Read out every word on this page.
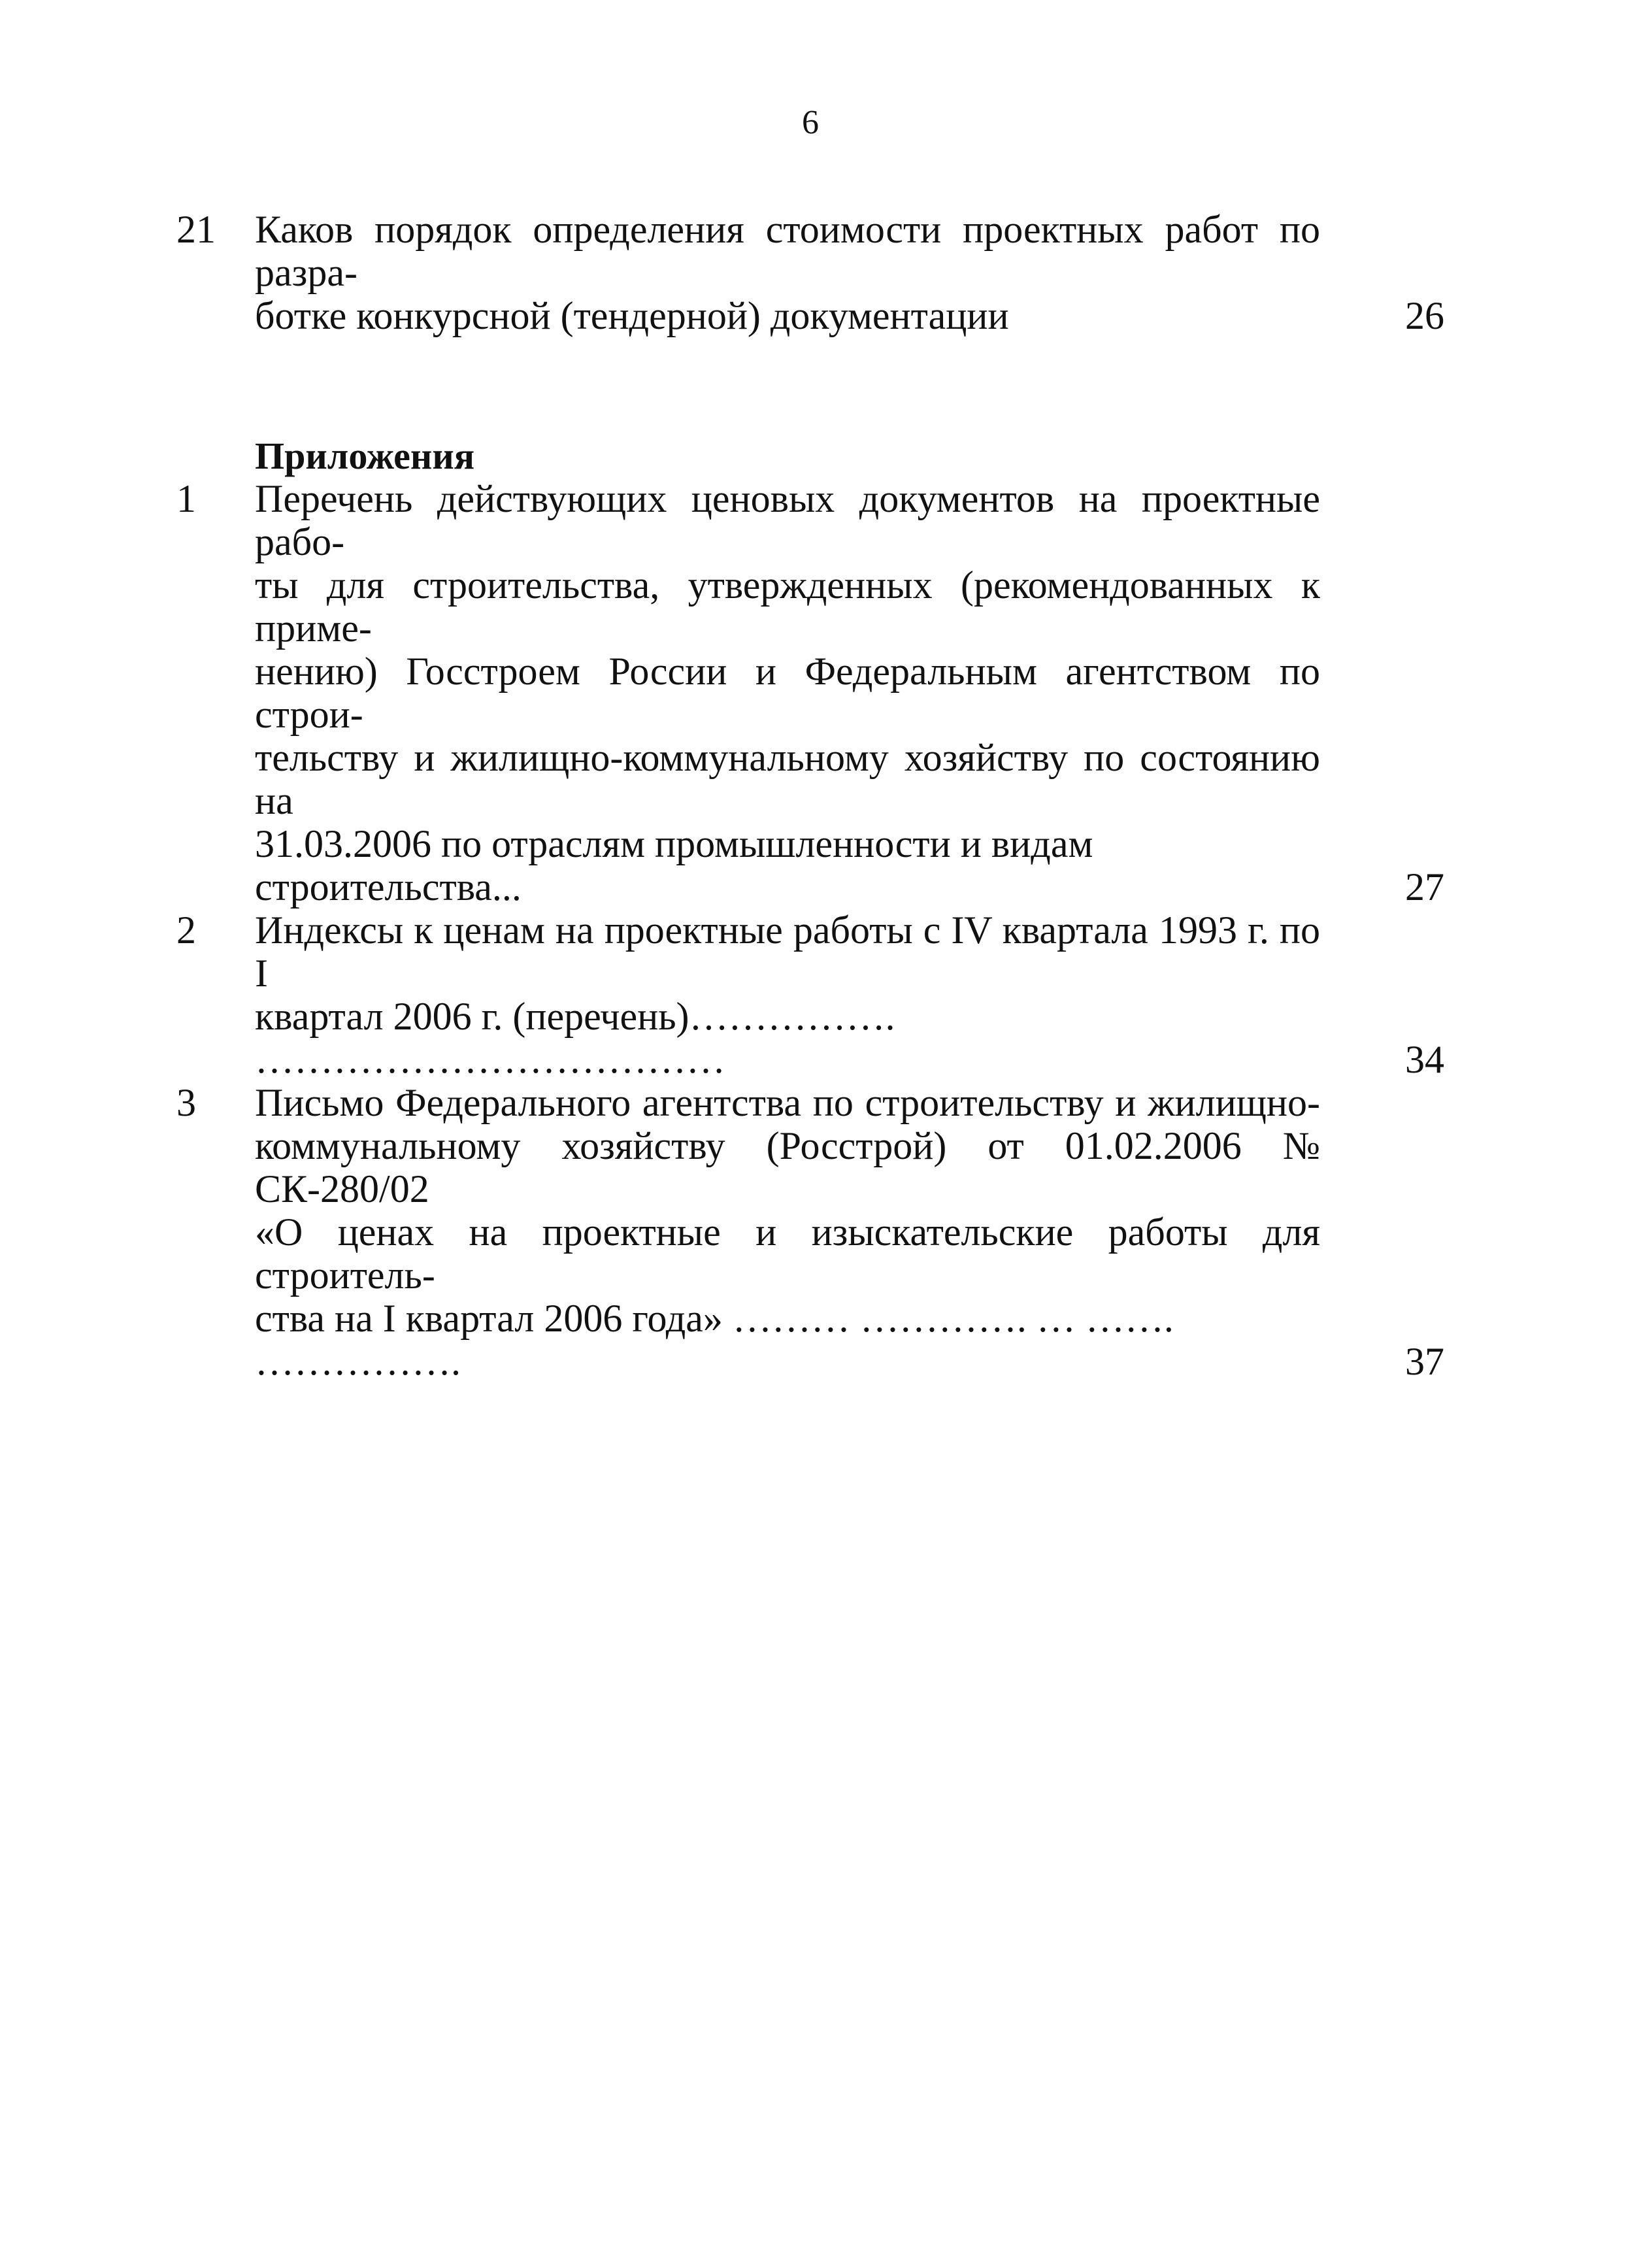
6
21	Каков порядок определения стоимости проектных работ по разра-
ботке конкурсной (тендерной) документации	26
Приложения
1	Перечень действующих ценовых документов на проектные рабо-
ты для строительства, утвержденных (рекомендованных к приме-
нению) Госстроем России и Федеральным агентством по строи-
тельству и жилищно-коммунальному хозяйству по состоянию на
31.03.2006 по отраслям промышленности и видам строительства...	27
2	Индексы к ценам на проектные работы с IV квартала 1993 г. по I
квартал 2006 г. (перечень)……………. ………………………………	34
3	Письмо Федерального агентства по строительству и жилищно-
коммунальному хозяйству (Росстрой) от 01.02.2006 № СК-280/02
«О ценах на проектные и изыскательские работы для строитель-
ства на I квартал 2006 года» ……… …………. … ……. …………….	37
